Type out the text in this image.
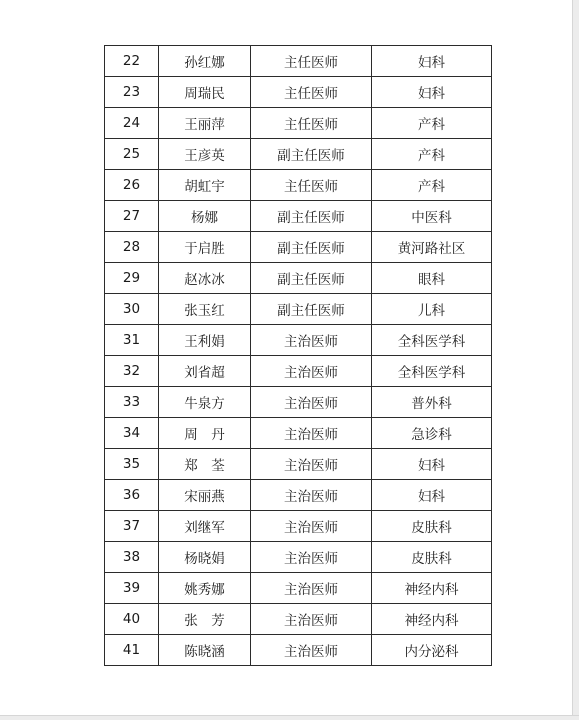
22	孙红娜	主任医师	妇科
23	周瑞民	主任医师	妇科
24	王丽萍	主任医师	产科
25	王彦英	副主任医师	产科
26	胡虹宇	主任医师	产科
27	杨娜	副主任医师	中医科
28	于启胜	副主任医师	黄河路社区
29	赵冰冰	副主任医师	眼科
30	张玉红	副主任医师	儿科
31	王利娟	主治医师	全科医学科
32	刘省超	主治医师	全科医学科
33	牛泉方	主治医师	普外科
34	周　丹	主治医师	急诊科
35	郑　荃	主治医师	妇科
36	宋丽燕	主治医师	妇科
37	刘继军	主治医师	皮肤科
38	杨晓娟	主治医师	皮肤科
39	姚秀娜	主治医师	神经内科
40	张　芳	主治医师	神经内科
41	陈晓涵	主治医师	内分泌科
